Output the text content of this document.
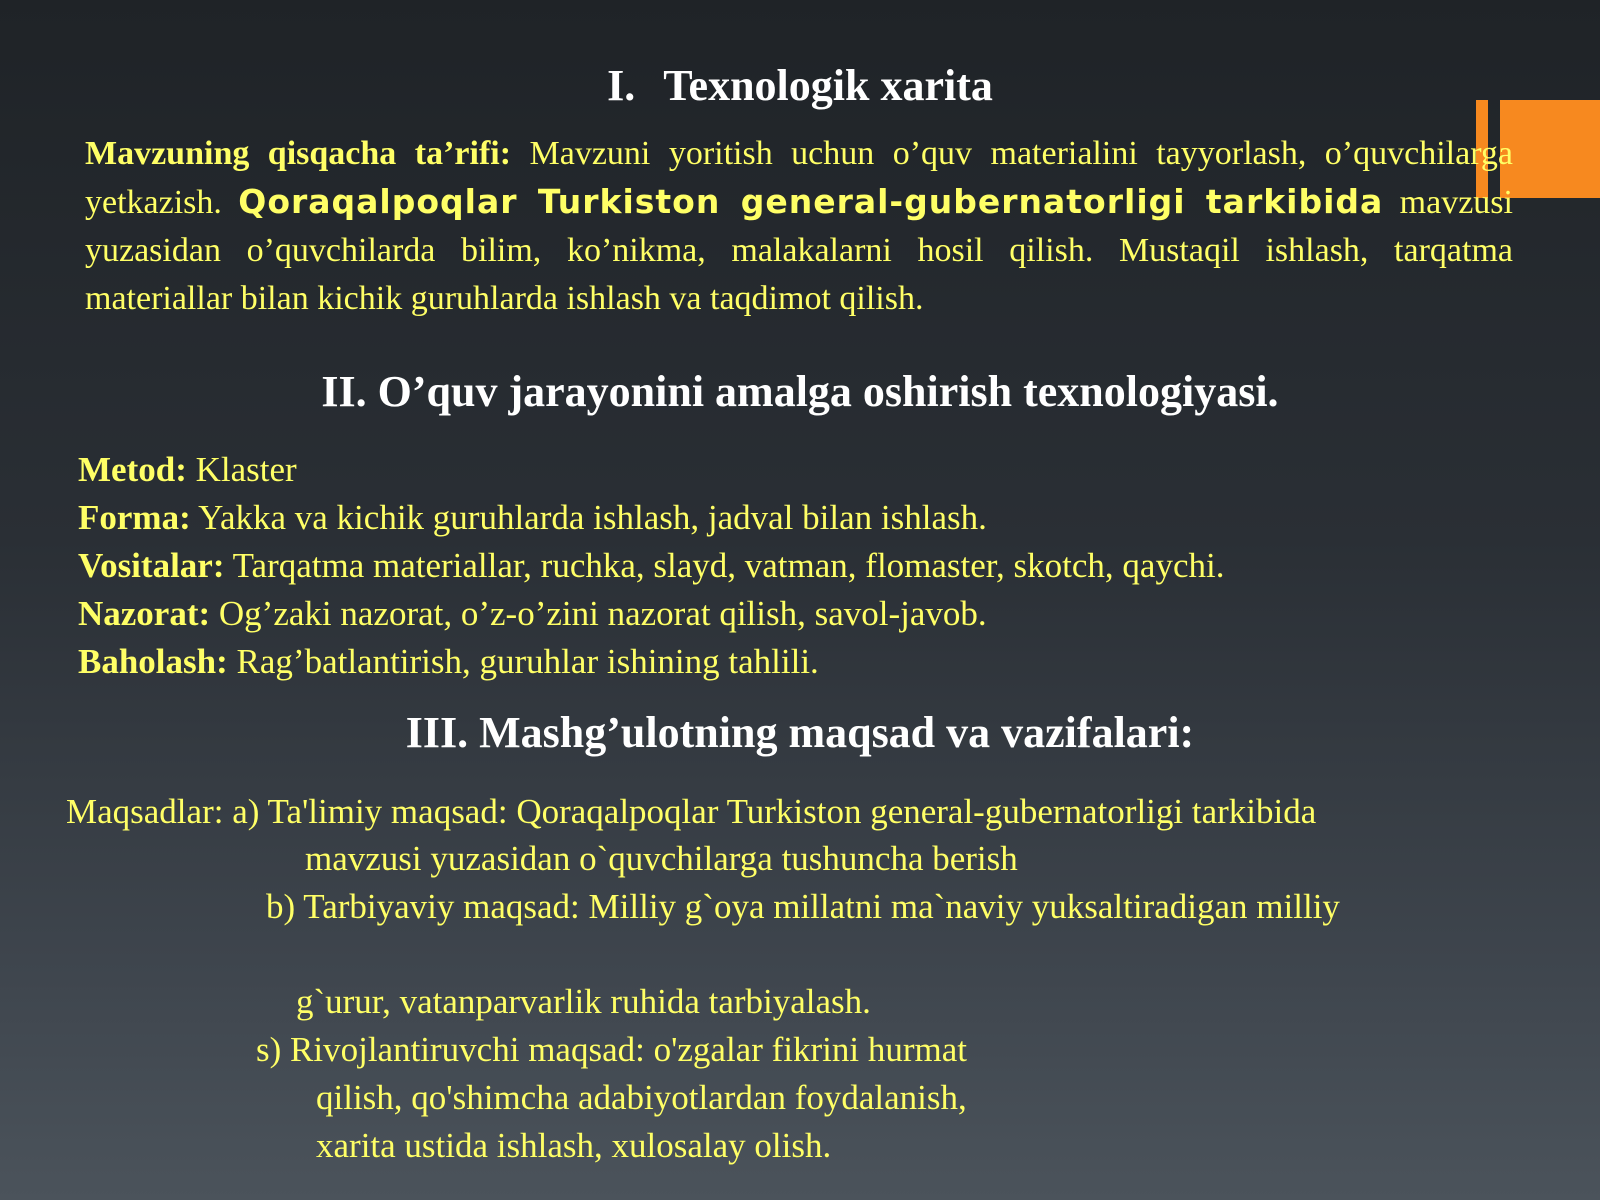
I. Texnologik xarita
Mavzuning qisqacha ta’rifi: Mavzuni yoritish uchun o’quv materialini tayyorlash, o’quvchilarga yetkazish. Qoraqalpoqlar Turkiston general-gubernatorligi tarkibida mavzusi yuzasidan o’quvchilarda bilim, ko’nikma, malakalarni hosil qilish. Mustaqil ishlash, tarqatma materiallar bilan kichik guruhlarda ishlash va taqdimot qilish.
II. O’quv jarayonini amalga oshirish texnologiyasi.
Metod: Klaster
Forma: Yakka va kichik guruhlarda ishlash, jadval bilan ishlash.
Vositalar: Tarqatma materiallar, ruchka, slayd, vatman, flomaster, skotch, qaychi.
Nazorat: Og’zaki nazorat, o’z-o’zini nazorat qilish, savol-javob.
Baholash: Rag’batlantirish, guruhlar ishining tahlili.
III. Mashg’ulotning maqsad va vazifalari:
Maqsadlar: a) Ta'limiy maqsad: Qoraqalpoqlar Turkiston general-gubernatorligi tarkibida
mavzusi yuzasidan o`quvchilarga tushuncha berish
b) Tarbiyaviy maqsad: Milliy g`oya millatni ma`naviy yuksaltiradigan milliy
g`urur, vatanparvarlik ruhida tarbiyalash.
s) Rivojlantiruvchi maqsad: o'zgalar fikrini hurmat
qilish, qo'shimcha adabiyotlardan foydalanish,
xarita ustida ishlash, xulosalay olish.
